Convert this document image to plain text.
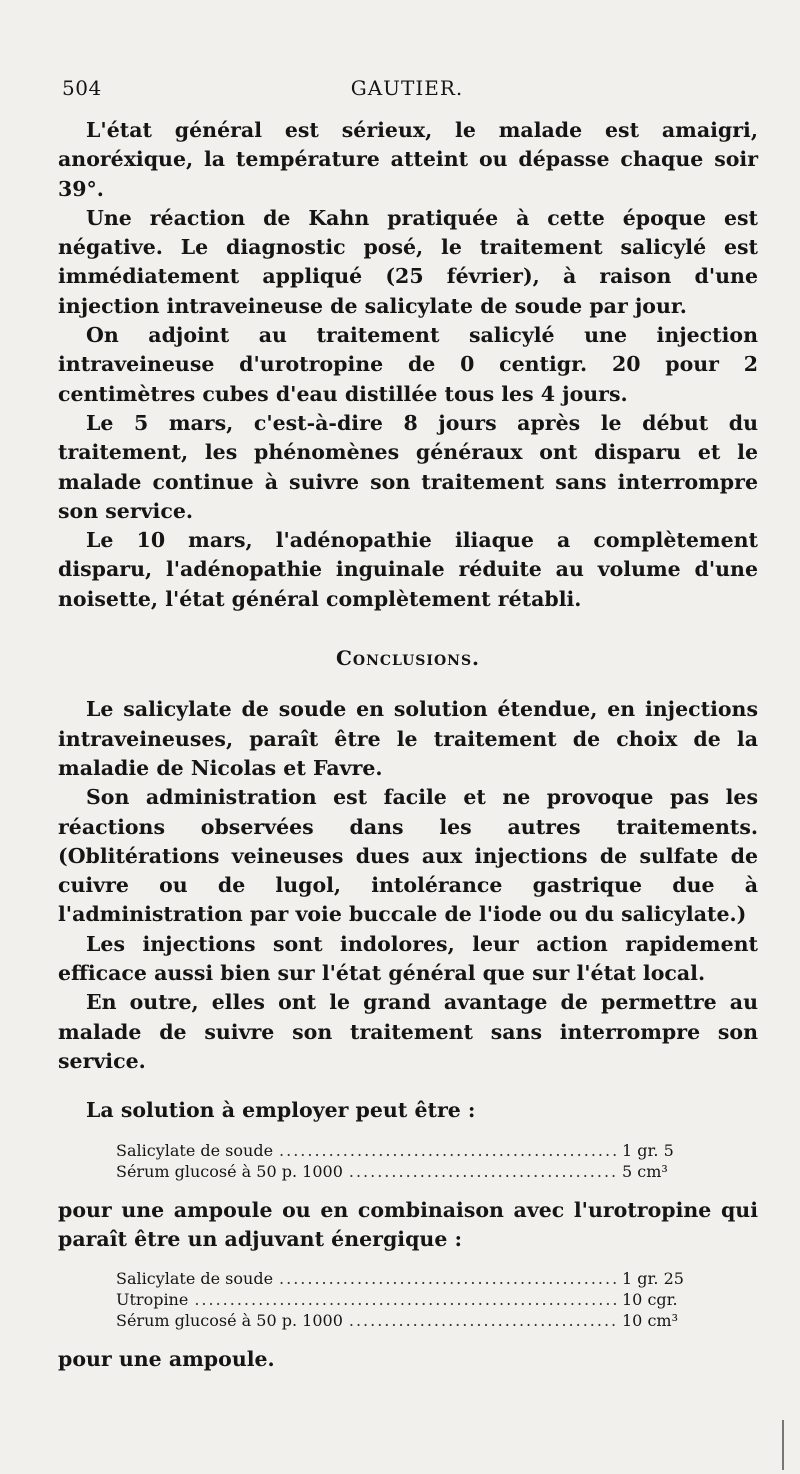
504	GAUTIER.

L'état général est sérieux, le malade est amaigri, anoréxique, la température atteint ou dépasse chaque soir 39°.

Une réaction de Kahn pratiquée à cette époque est négative. Le diagnostic posé, le traitement salicylé est immédiatement appliqué (25 février), à raison d'une injection intraveineuse de salicylate de soude par jour.

On adjoint au traitement salicylé une injection intraveineuse d'urotropine de 0 centigr. 20 pour 2 centimètres cubes d'eau distillée tous les 4 jours.

Le 5 mars, c'est-à-dire 8 jours après le début du traitement, les phénomènes généraux ont disparu et le malade continue à suivre son traitement sans interrompre son service.

Le 10 mars, l'adénopathie iliaque a complètement disparu, l'adénopathie inguinale réduite au volume d'une noisette, l'état général complètement rétabli.

Conclusions.

Le salicylate de soude en solution étendue, en injections intraveineuses, paraît être le traitement de choix de la maladie de Nicolas et Favre.

Son administration est facile et ne provoque pas les réactions observées dans les autres traitements. (Oblitérations veineuses dues aux injections de sulfate de cuivre ou de lugol, intolérance gastrique due à l'administration par voie buccale de l'iode ou du salicylate.)

Les injections sont indolores, leur action rapidement efficace aussi bien sur l'état général que sur l'état local.

En outre, elles ont le grand avantage de permettre au malade de suivre son traitement sans interrompre son service.

La solution à employer peut être :

Salicylate de soude .....	1 gr. 5
Sérum glucosé à 50 p. 1000 .....	5 cm³

pour une ampoule ou en combinaison avec l'urotropine qui paraît être un adjuvant énergique :

Salicylate de soude .....	1 gr. 25
Utropine .....	10 cgr.
Sérum glucosé à 50 p. 1000 .....	10 cm³

pour une ampoule.
